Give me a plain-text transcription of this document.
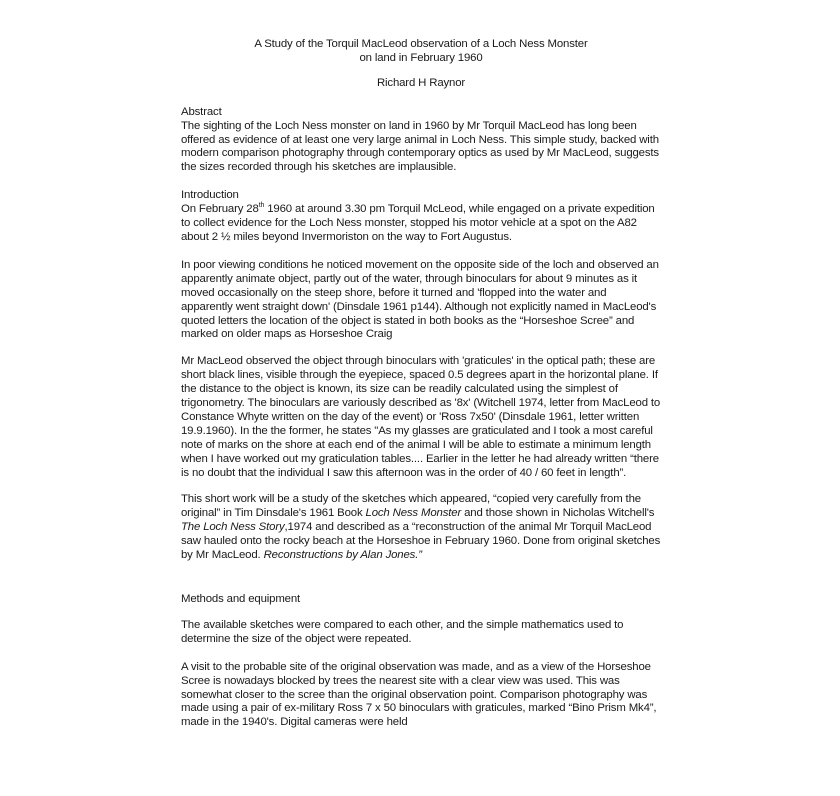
A Study of the Torquil MacLeod observation of a Loch Ness Monster
on land in February 1960

Richard H Raynor

Abstract

The sighting of the Loch Ness monster on land in 1960 by Mr Torquil MacLeod has long been offered as evidence of at least one very large animal in Loch Ness. This simple study, backed with modern comparison photography through contemporary optics as used by Mr MacLeod, suggests the sizes recorded through his sketches are implausible.

Introduction

On February 28th 1960 at around 3.30 pm Torquil McLeod, while engaged on a private expedition to collect evidence for the Loch Ness monster, stopped his motor vehicle at a spot on the A82 about 2 ½ miles beyond Invermoriston on the way to Fort Augustus.

In poor viewing conditions he noticed movement on the opposite side of the loch and observed an apparently animate object, partly out of the water, through binoculars for about 9 minutes as it moved occasionally on the steep shore, before it turned and 'flopped into the water and apparently went straight down' (Dinsdale 1961 p144). Although not explicitly named in MacLeod's quoted letters the location of the object is stated in both books as the “Horseshoe Scree” and marked on older maps as Horseshoe Craig

Mr MacLeod observed the object through binoculars with 'graticules' in the optical path; these are short black lines, visible through the eyepiece, spaced 0.5 degrees apart in the horizontal plane. If the distance to the object is known, its size can be readily calculated using the simplest of trigonometry. The binoculars are variously described as '8x' (Witchell 1974, letter from MacLeod to Constance Whyte written on the day of the event) or 'Ross 7x50' (Dinsdale 1961, letter written 19.9.1960). In the the former, he states "As my glasses are graticulated and I took a most careful note of marks on the shore at each end of the animal I will be able to estimate a minimum length when I have worked out my graticulation tables.... Earlier in the letter he had already written “there is no doubt that the individual I saw this afternoon was in the order of 40 / 60 feet in length”.

This short work will be a study of the sketches which appeared, “copied very carefully from the original” in Tim Dinsdale's 1961 Book Loch Ness Monster and those shown in Nicholas Witchell's The Loch Ness Story,1974 and described as a “reconstruction of the animal Mr Torquil MacLeod saw hauled onto the rocky beach at the Horseshoe in February 1960. Done from original sketches by Mr MacLeod. Reconstructions by Alan Jones.”

Methods and equipment

The available sketches were compared to each other, and the simple mathematics used to determine the size of the object were repeated.

A visit to the probable site of the original observation was made, and as a view of the Horseshoe Scree is nowadays blocked by trees the nearest site with a clear view was used. This was somewhat closer to the scree than the original observation point. Comparison photography was made using a pair of ex-military Ross 7 x 50 binoculars with graticules, marked “Bino Prism Mk4”, made in the 1940's. Digital cameras were held
